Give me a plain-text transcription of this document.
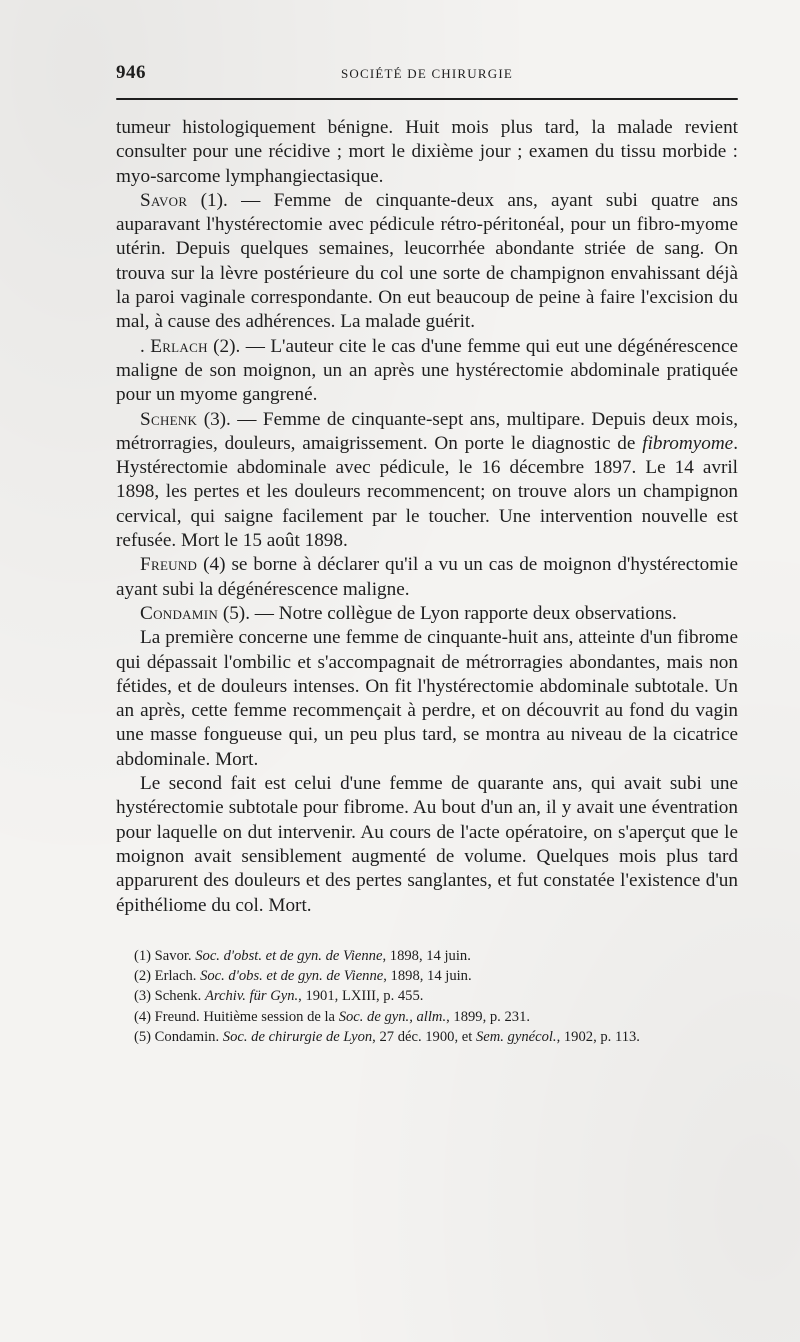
946	SOCIÉTÉ DE CHIRURGIE

tumeur histologiquement bénigne. Huit mois plus tard, la malade revient consulter pour une récidive ; mort le dixième jour ; examen du tissu morbide : myo-sarcome lymphangiectasique.

Savor (1). — Femme de cinquante-deux ans, ayant subi quatre ans auparavant l'hystérectomie avec pédicule rétro-péritonéal, pour un fibro-myome utérin. Depuis quelques semaines, leucorrhée abondante striée de sang. On trouva sur la lèvre postérieure du col une sorte de champignon envahissant déjà la paroi vaginale correspondante. On eut beaucoup de peine à faire l'excision du mal, à cause des adhérences. La malade guérit.

. Erlach (2). — L'auteur cite le cas d'une femme qui eut une dégénérescence maligne de son moignon, un an après une hystérectomie abdominale pratiquée pour un myome gangrené.

Schenk (3). — Femme de cinquante-sept ans, multipare. Depuis deux mois, métrorragies, douleurs, amaigrissement. On porte le diagnostic de fibromyome. Hystérectomie abdominale avec pédicule, le 16 décembre 1897. Le 14 avril 1898, les pertes et les douleurs recommencent; on trouve alors un champignon cervical, qui saigne facilement par le toucher. Une intervention nouvelle est refusée. Mort le 15 août 1898.

Freund (4) se borne à déclarer qu'il a vu un cas de moignon d'hystérectomie ayant subi la dégénérescence maligne.

Condamin (5). — Notre collègue de Lyon rapporte deux observations.

La première concerne une femme de cinquante-huit ans, atteinte d'un fibrome qui dépassait l'ombilic et s'accompagnait de métrorragies abondantes, mais non fétides, et de douleurs intenses. On fit l'hystérectomie abdominale subtotale. Un an après, cette femme recommençait à perdre, et on découvrit au fond du vagin une masse fongueuse qui, un peu plus tard, se montra au niveau de la cicatrice abdominale. Mort.

Le second fait est celui d'une femme de quarante ans, qui avait subi une hystérectomie subtotale pour fibrome. Au bout d'un an, il y avait une éventration pour laquelle on dut intervenir. Au cours de l'acte opératoire, on s'aperçut que le moignon avait sensiblement augmenté de volume. Quelques mois plus tard apparurent des douleurs et des pertes sanglantes, et fut constatée l'existence d'un épithéliome du col. Mort.

(1) Savor. Soc. d'obst. et de gyn. de Vienne, 1898, 14 juin.

(2) Erlach. Soc. d'obs. et de gyn. de Vienne, 1898, 14 juin.

(3) Schenk. Archiv. für Gyn., 1901, LXIII, p. 455.

(4) Freund. Huitième session de la Soc. de gyn., allm., 1899, p. 231.

(5) Condamin. Soc. de chirurgie de Lyon, 27 déc. 1900, et Sem. gynécol., 1902, p. 113.
